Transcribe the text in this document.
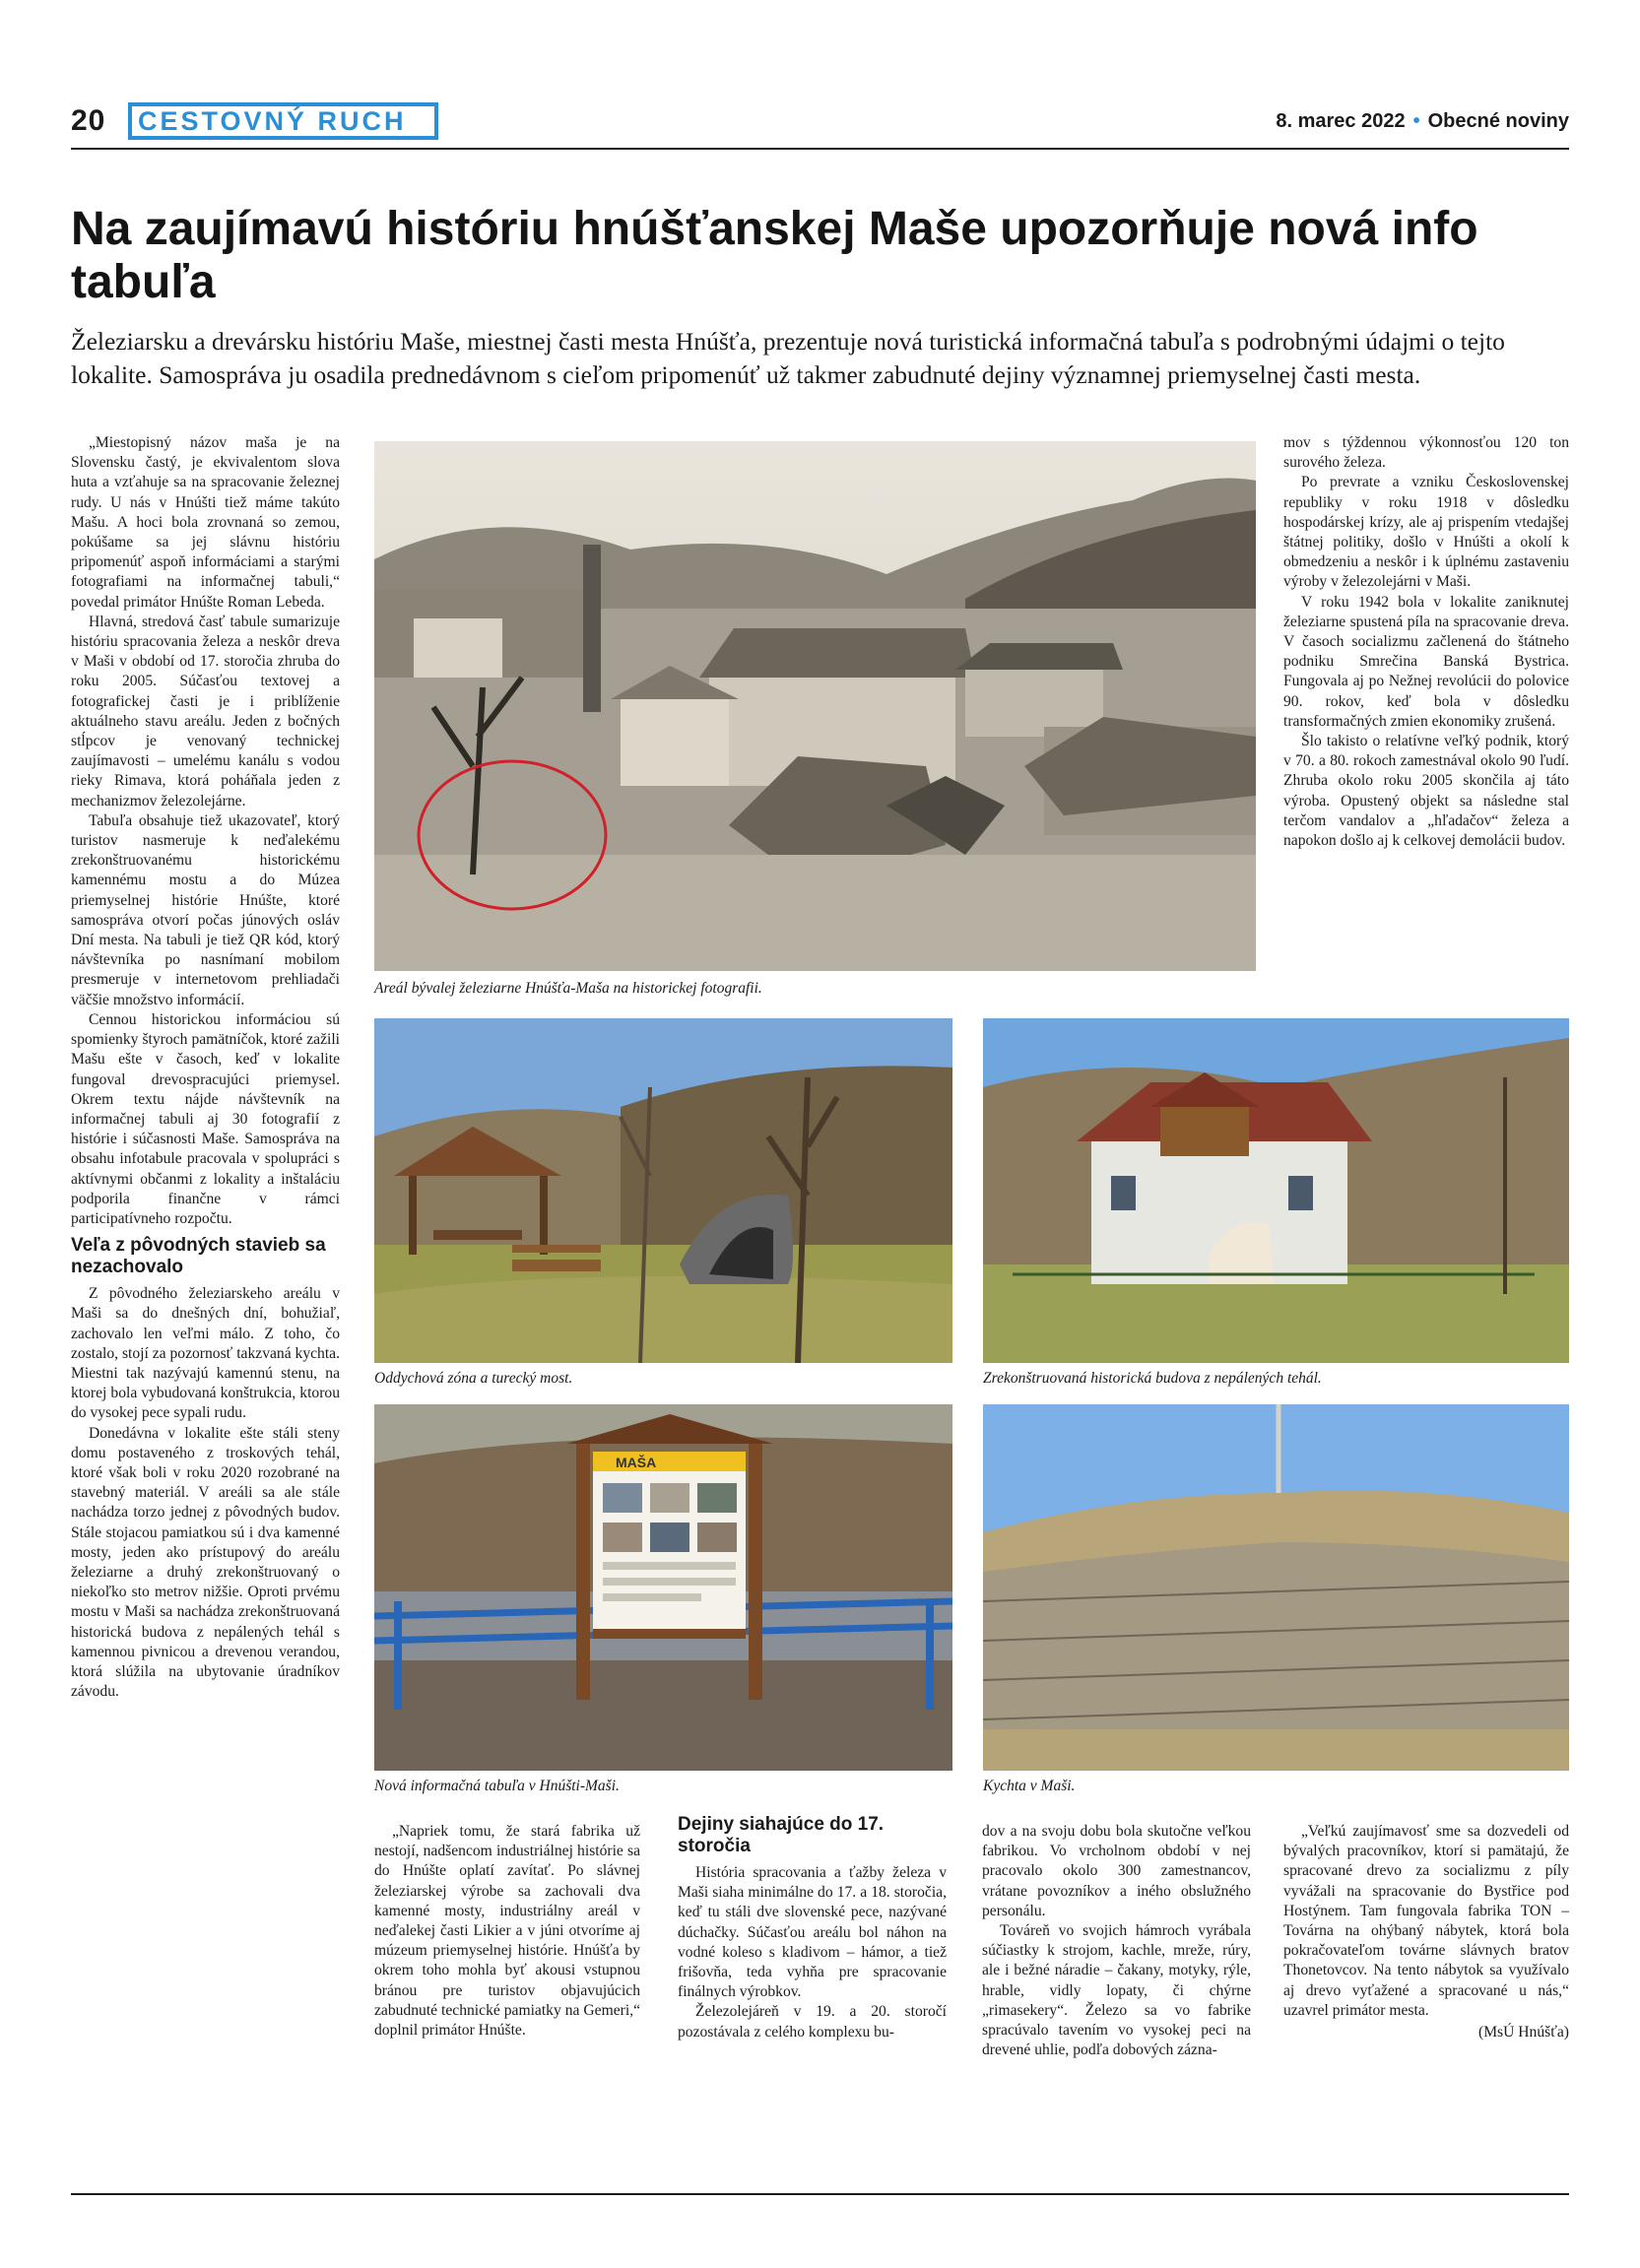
20	CESTOVNÝ RUCH	8. marec 2022 • Obecné noviny
Na zaujímavú históriu hnúšťanskej Maše upozorňuje nová info tabuľa
Železiarsku a drevársku históriu Maše, miestnej časti mesta Hnúšťa, prezentuje nová turistická informačná tabuľa s podrobnými údajmi o tejto lokalite. Samospráva ju osadila prednedávnom s cieľom pripomenúť už takmer zabudnuté dejiny významnej priemyselnej časti mesta.

„Miestopisný názov maša je na Slovensku častý, je ekvivalentom slova huta a vzťahuje sa na spracovanie železnej rudy. U nás v Hnúšti tiež máme takúto Mašu. A hoci bola zrovnaná so zemou, pokúšame sa jej slávnu históriu pripomenúť aspoň informáciami a starými fotografiami na informačnej tabuli,“ povedal primátor Hnúšte Roman Lebeda.

Hlavná, stredová časť tabule sumarizuje históriu spracovania železa a neskôr dreva v Maši v období od 17. storočia zhruba do roku 2005. Súčasťou textovej a fotografickej časti je i priblíženie aktuálneho stavu areálu. Jeden z bočných stĺpcov je venovaný technickej zaujímavosti – umelému kanálu s vodou rieky Rimava, ktorá poháňala jeden z mechanizmov železolejárne.

Tabuľa obsahuje tiež ukazovateľ, ktorý turistov nasmeruje k neďalekému zrekonštruovanému historickému kamennému mostu a do Múzea priemyselnej histórie Hnúšte, ktoré samospráva otvorí počas júnových osláv Dní mesta. Na tabuli je tiež QR kód, ktorý návštevníka po nasnímaní mobilom presmeruje v internetovom prehliadači väčšie množstvo informácií.

Cennou historickou informáciou sú spomienky štyroch pamätníčok, ktoré zažili Mašu ešte v časoch, keď v lokalite fungoval drevospracujúci priemysel. Okrem textu nájde návštevník na informačnej tabuli aj 30 fotografií z histórie i súčasnosti Maše. Samospráva na obsahu infotabule pracovala v spolupráci s aktívnymi občanmi z lokality a inštaláciu podporila finančne v rámci participatívneho rozpočtu.

Veľa z pôvodných stavieb sa nezachovalo

Z pôvodného železiarskeho areálu v Maši sa do dnešných dní, bohužiaľ, zachovalo len veľmi málo. Z toho, čo zostalo, stojí za pozornosť takzvaná kychta. Miestni tak nazývajú kamennú stenu, na ktorej bola vybudovaná konštrukcia, ktorou do vysokej pece sypali rudu.

Donedávna v lokalite ešte stáli steny domu postaveného z troskových tehál, ktoré však boli v roku 2020 rozobrané na stavebný materiál. V areáli sa ale stále nachádza torzo jednej z pôvodných budov. Stále stojacou pamiatkou sú i dva kamenné mosty, jeden ako prístupový do areálu železiarne a druhý zrekonštruovaný o niekoľko sto metrov nižšie. Oproti prvému mostu v Maši sa nachádza zrekonštruovaná historická budova z nepálených tehál s kamennou pivnicou a drevenou verandou, ktorá slúžila na ubytovanie úradníkov závodu.

mov s týždennou výkonnosťou 120 ton surového železa.

Po prevrate a vzniku Československej republiky v roku 1918 v dôsledku hospodárskej krízy, ale aj prispením vtedajšej štátnej politiky, došlo v Hnúšti a okolí k obmedzeniu a neskôr i k úplnému zastaveniu výroby v železolejárni v Maši.

V roku 1942 bola v lokalite zaniknutej železiarne spustená píla na spracovanie dreva. V časoch socializmu začlenená do štátneho podniku Smrečina Banská Bystrica. Fungovala aj po Nežnej revolúcii do polovice 90. rokov, keď bola v dôsledku transformačných zmien ekonomiky zrušená.

Šlo takisto o relatívne veľký podnik, ktorý v 70. a 80. rokoch zamestnával okolo 90 ľudí. Zhruba okolo roku 2005 skončila aj táto výroba. Opustený objekt sa následne stal terčom vandalov a „hľadačov“ železa a napokon došlo aj k celkovej demolácii budov.

Areál bývalej železiarne Hnúšťa-Maša na historickej fotografii.
Oddychová zóna a turecký most.	Zrekonštruovaná historická budova z nepálených tehál.
MAŠA
Nová informačná tabuľa v Hnúšti-Maši.	Kychta v Maši.

„Napriek tomu, že stará fabrika už nestojí, nadšencom industriálnej histórie sa do Hnúšte oplatí zavítať. Po slávnej železiarskej výrobe sa zachovali dva kamenné mosty, industriálny areál v neďalekej časti Likier a v júni otvoríme aj múzeum priemyselnej histórie. Hnúšťa by okrem toho mohla byť akousi vstupnou bránou pre turistov objavujúcich zabudnuté technické pamiatky na Gemeri,“ doplnil primátor Hnúšte.

Dejiny siahajúce do 17. storočia

História spracovania a ťažby železa v Maši siaha minimálne do 17. a 18. storočia, keď tu stáli dve slovenské pece, nazývané dúchačky. Súčasťou areálu bol náhon na vodné koleso s kladivom – hámor, a tiež frišovňa, teda vyhňa pre spracovanie finálnych výrobkov.

Železolejáreň v 19. a 20. storočí pozostávala z celého komplexu bu-

dov a na svoju dobu bola skutočne veľkou fabrikou. Vo vrcholnom období v nej pracovalo okolo 300 zamestnancov, vrátane povozníkov a iného obslužného personálu.

Továreň vo svojich hámroch vyrábala súčiastky k strojom, kachle, mreže, rúry, ale i bežné náradie – čakany, motyky, rýle, hrable, vidly lopaty, či chýrne „rimasekery“. Železo sa vo fabrike spracúvalo tavením vo vysokej peci na drevené uhlie, podľa dobových zázna-

„Veľkú zaujímavosť sme sa dozvedeli od bývalých pracovníkov, ktorí si pamätajú, že spracované drevo za socializmu z píly vyvážali na spracovanie do Bystřice pod Hostýnem. Tam fungovala fabrika TON – Továrna na ohýbaný nábytek, ktorá bola pokračovateľom továrne slávnych bratov Thonetovcov. Na tento nábytok sa využívalo aj drevo vyťažené a spracované u nás,“ uzavrel primátor mesta.

(MsÚ Hnúšťa)
